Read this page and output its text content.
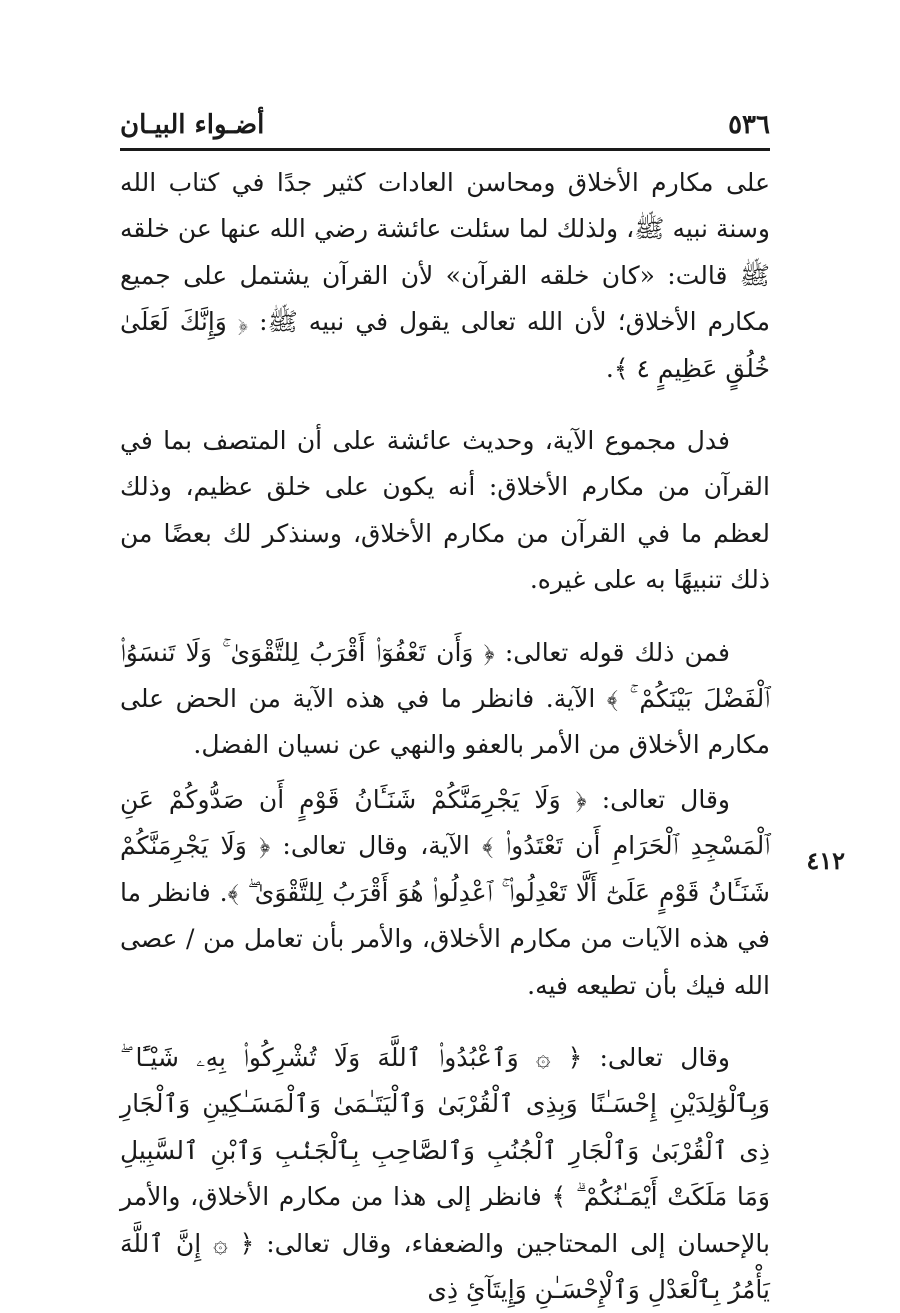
٥٣٦
أضـواء البيـان

على مكارم الأخلاق ومحاسن العادات كثير جدًا في كتاب الله وسنة نبيه ﷺ، ولذلك لما سئلت عائشة رضي الله عنها عن خلقه ﷺ قالت: «كان خلقه القرآن» لأن القرآن يشتمل على جميع مكارم الأخلاق؛ لأن الله تعالى يقول في نبيه ﷺ: ﴿ وَإِنَّكَ لَعَلَىٰ خُلُقٍ عَظِيمٍ ٤ ﴾.

فدل مجموع الآية، وحديث عائشة على أن المتصف بما في القرآن من مكارم الأخلاق: أنه يكون على خلق عظيم، وذلك لعظم ما في القرآن من مكارم الأخلاق، وسنذكر لك بعضًا من ذلك تنبيهًا به على غيره.

فمن ذلك قوله تعالى: ﴿ وَأَن تَعْفُوٓا۟ أَقْرَبُ لِلتَّقْوَىٰ ۚ وَلَا تَنسَوُا۟ ٱلْفَضْلَ بَيْنَكُمْ ۚ ﴾ الآية. فانظر ما في هذه الآية من الحض على مكارم الأخلاق من الأمر بالعفو والنهي عن نسيان الفضل.

وقال تعالى: ﴿ وَلَا يَجْرِمَنَّكُمْ شَنَـَٔانُ قَوْمٍ أَن صَدُّوكُمْ عَنِ ٱلْمَسْجِدِ ٱلْحَرَامِ أَن تَعْتَدُوا۟ ﴾ الآية، وقال تعالى: ﴿ وَلَا يَجْرِمَنَّكُمْ شَنَـَٔانُ قَوْمٍ عَلَىٰٓ أَلَّا تَعْدِلُوا۟ ۚ ٱعْدِلُوا۟ هُوَ أَقْرَبُ لِلتَّقْوَىٰ ۖ ﴾. فانظر ما في هذه الآيات من مكارم الأخلاق، والأمر بأن تعامل من / عصى الله فيك بأن تطيعه فيه.

وقال تعالى: ﴿ ۞ وَٱعْبُدُوا۟ ٱللَّهَ وَلَا تُشْرِكُوا۟ بِهِۦ شَيْـًٔا ۖ وَبِٱلْوَٰلِدَيْنِ إِحْسَـٰنًا وَبِذِى ٱلْقُرْبَىٰ وَٱلْيَتَـٰمَىٰ وَٱلْمَسَـٰكِينِ وَٱلْجَارِ ذِى ٱلْقُرْبَىٰ وَٱلْجَارِ ٱلْجُنُبِ وَٱلصَّاحِبِ بِٱلْجَنۢبِ وَٱبْنِ ٱلسَّبِيلِ وَمَا مَلَكَتْ أَيْمَـٰنُكُمْ ۗ ﴾ فانظر إلى هذا من مكارم الأخلاق، والأمر بالإحسان إلى المحتاجين والضعفاء، وقال تعالى: ﴿ ۞ إِنَّ ٱللَّهَ يَأْمُرُ بِٱلْعَدْلِ وَٱلْإِحْسَـٰنِ وَإِيتَآئِ ذِى

٤١٢
